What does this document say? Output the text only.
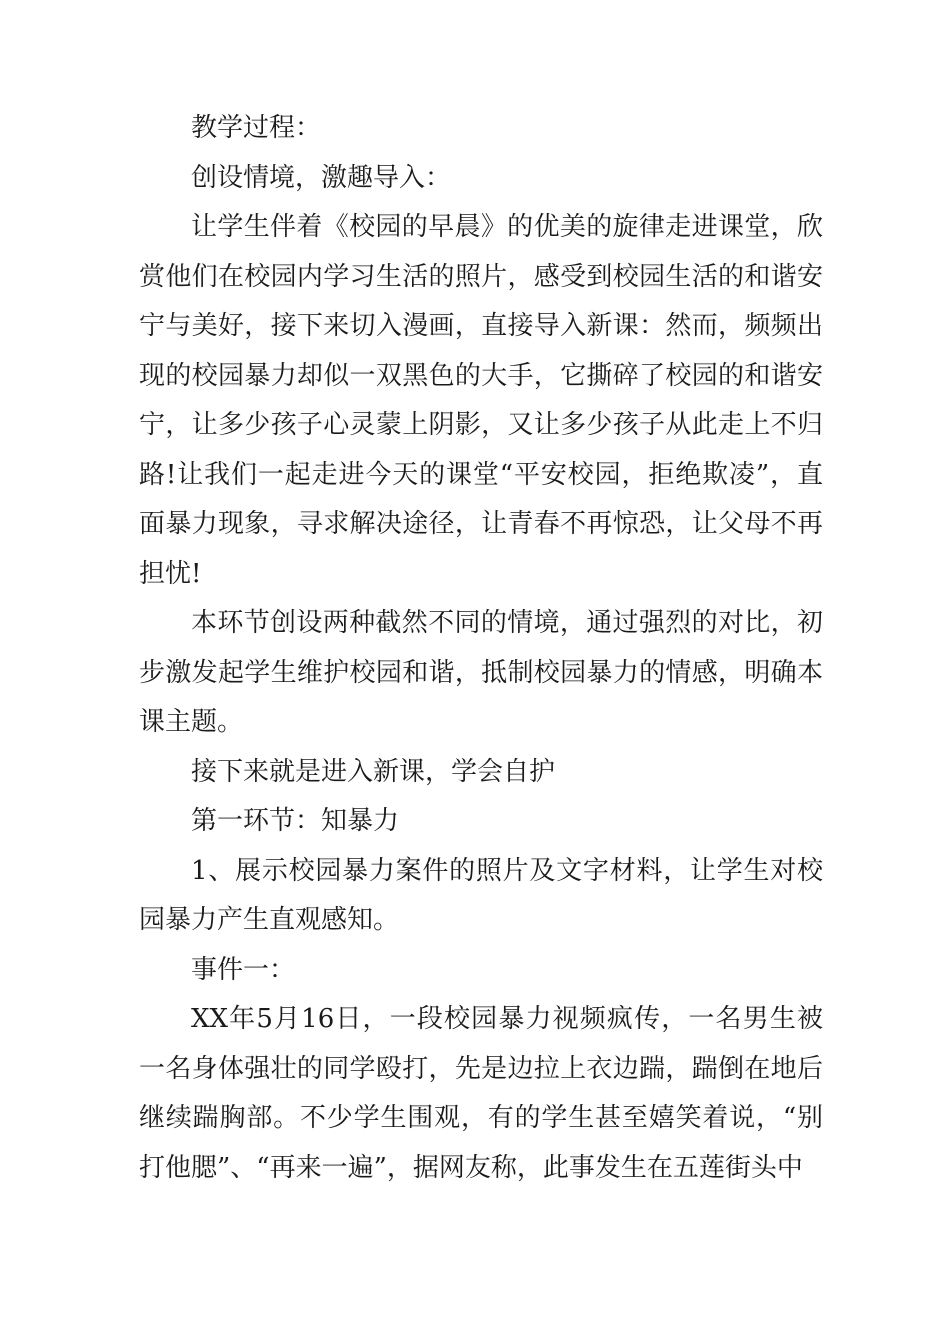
教学过程：

创设情境，激趣导入：

让学生伴着《校园的早晨》的优美的旋律走进课堂，欣赏他们在校园内学习生活的照片，感受到校园生活的和谐安宁与美好，接下来切入漫画，直接导入新课：然而，频频出现的校园暴力却似一双黑色的大手，它撕碎了校园的和谐安宁，让多少孩子心灵蒙上阴影，又让多少孩子从此走上不归路!让我们一起走进今天的课堂“平安校园，拒绝欺凌”，直面暴力现象，寻求解决途径，让青春不再惊恐，让父母不再担忧!

本环节创设两种截然不同的情境，通过强烈的对比，初步激发起学生维护校园和谐，抵制校园暴力的情感，明确本课主题。

接下来就是进入新课，学会自护

第一环节：知暴力

1、展示校园暴力案件的照片及文字材料，让学生对校园暴力产生直观感知。

事件一：

XX年5月16日，一段校园暴力视频疯传，一名男生被一名身体强壮的同学殴打，先是边拉上衣边踹，踹倒在地后继续踹胸部。不少学生围观，有的学生甚至嬉笑着说，“别打他腮”、“再来一遍”，据网友称，此事发生在五莲街头中
